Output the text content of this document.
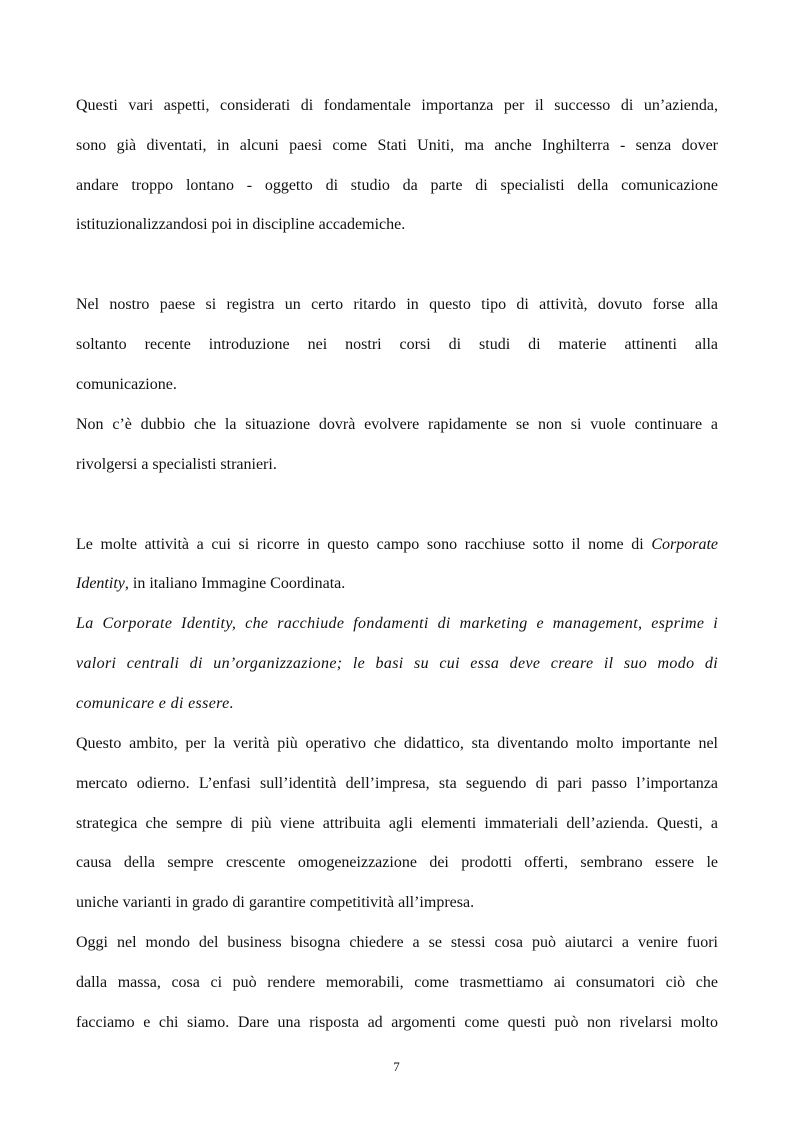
Questi vari aspetti, considerati di fondamentale importanza per il successo di un’azienda,
sono già diventati, in alcuni paesi come Stati Uniti, ma anche Inghilterra - senza dover
andare troppo lontano - oggetto di studio da parte di specialisti della comunicazione
istituzionalizzandosi poi in discipline accademiche.
Nel nostro paese si registra un certo ritardo in questo tipo di attività, dovuto forse alla
soltanto recente introduzione nei nostri corsi di studi di materie attinenti alla
comunicazione.
Non c’è dubbio che la situazione dovrà evolvere rapidamente se non si vuole continuare a
rivolgersi a specialisti stranieri.
Le molte attività a cui si ricorre in questo campo sono racchiuse sotto il nome di Corporate
Identity, in italiano Immagine Coordinata.
La Corporate Identity, che racchiude fondamenti di marketing e management, esprime i
valori centrali di un’organizzazione; le basi su cui essa deve creare il suo modo di
comunicare e di essere.
Questo ambito, per la verità più operativo che didattico, sta diventando molto importante nel
mercato odierno. L’enfasi sull’identità dell’impresa, sta seguendo di pari passo l’importanza
strategica che sempre di più viene attribuita agli elementi immateriali dell’azienda. Questi, a
causa della sempre crescente omogeneizzazione dei prodotti offerti, sembrano essere le
uniche varianti in grado di garantire competitività all’impresa.
Oggi nel mondo del business bisogna chiedere a se stessi cosa può aiutarci a venire fuori
dalla massa, cosa ci può rendere memorabili, come trasmettiamo ai consumatori ciò che
facciamo e chi siamo. Dare una risposta ad argomenti come questi può non rivelarsi molto
7
